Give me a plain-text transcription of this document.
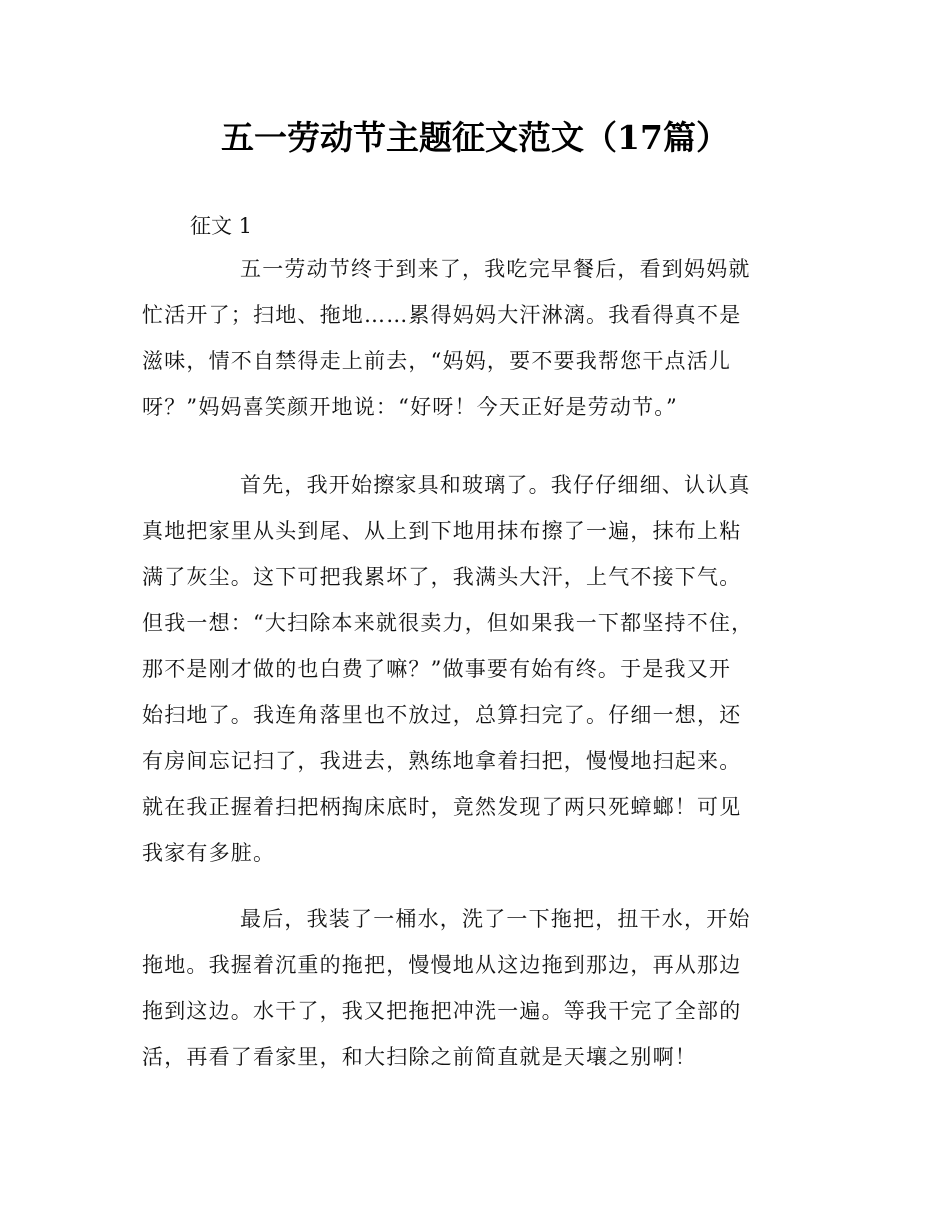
五一劳动节主题征文范文（17篇）

征文 1

五一劳动节终于到来了，我吃完早餐后，看到妈妈就
忙活开了；扫地、拖地……累得妈妈大汗淋漓。我看得真不是
滋味，情不自禁得走上前去，“妈妈，要不要我帮您干点活儿
呀？”妈妈喜笑颜开地说：“好呀！今天正好是劳动节。”
首先，我开始擦家具和玻璃了。我仔仔细细、认认真
真地把家里从头到尾、从上到下地用抹布擦了一遍，抹布上粘
满了灰尘。这下可把我累坏了，我满头大汗，上气不接下气。
但我一想：“大扫除本来就很卖力，但如果我一下都坚持不住，
那不是刚才做的也白费了嘛？”做事要有始有终。于是我又开
始扫地了。我连角落里也不放过，总算扫完了。仔细一想，还
有房间忘记扫了，我进去，熟练地拿着扫把，慢慢地扫起来。
就在我正握着扫把柄掏床底时，竟然发现了两只死蟑螂！可见
我家有多脏。
最后，我装了一桶水，洗了一下拖把，扭干水，开始
拖地。我握着沉重的拖把，慢慢地从这边拖到那边，再从那边
拖到这边。水干了，我又把拖把冲洗一遍。等我干完了全部的
活，再看了看家里，和大扫除之前简直就是天壤之别啊！
